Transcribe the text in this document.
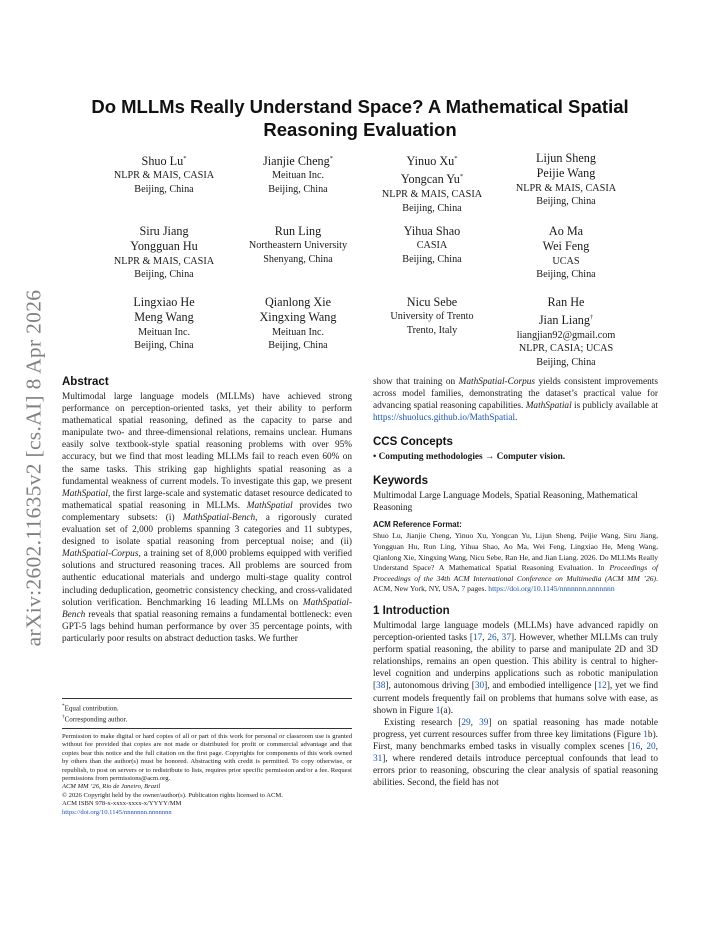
arXiv:2602.11635v2 [cs.AI] 8 Apr 2026
Do MLLMs Really Understand Space? A Mathematical Spatial
Reasoning Evaluation
Shuo Lu*
NLPR & MAIS, CASIA
Beijing, China
Jianjie Cheng*
Meituan Inc.
Beijing, China
Yinuo Xu*
Yongcan Yu*
NLPR & MAIS, CASIA
Beijing, China
Lijun Sheng
Peijie Wang
NLPR & MAIS, CASIA
Beijing, China
Siru Jiang
Yongguan Hu
NLPR & MAIS, CASIA
Beijing, China
Run Ling
Northeastern University
Shenyang, China
Yihua Shao
CASIA
Beijing, China
Ao Ma
Wei Feng
UCAS
Beijing, China
Lingxiao He
Meng Wang
Meituan Inc.
Beijing, China
Qianlong Xie
Xingxing Wang
Meituan Inc.
Beijing, China
Nicu Sebe
University of Trento
Trento, Italy
Ran He
Jian Liang†
liangjian92@gmail.com
NLPR, CASIA; UCAS
Beijing, China
Abstract

Multimodal large language models (MLLMs) have achieved strong performance on perception-oriented tasks, yet their ability to perform mathematical spatial reasoning, defined as the capacity to parse and manipulate two- and three-dimensional relations, remains unclear. Humans easily solve textbook-style spatial reasoning problems with over 95% accuracy, but we find that most leading MLLMs fail to reach even 60% on the same tasks. This striking gap highlights spatial reasoning as a fundamental weakness of current models. To investigate this gap, we present MathSpatial, the first large-scale and systematic dataset resource dedicated to mathematical spatial reasoning in MLLMs. MathSpatial provides two complementary subsets: (i) MathSpatial-Bench, a rigorously curated evaluation set of 2,000 problems spanning 3 categories and 11 subtypes, designed to isolate spatial reasoning from perceptual noise; and (ii) MathSpatial-Corpus, a training set of 8,000 problems equipped with verified solutions and structured reasoning traces. All problems are sourced from authentic educational materials and undergo multi-stage quality control including deduplication, geometric consistency checking, and cross-validated solution verification. Benchmarking 16 leading MLLMs on MathSpatial-Bench reveals that spatial reasoning remains a fundamental bottleneck: even GPT-5 lags behind human performance by over 35 percentage points, with particularly poor results on abstract deduction tasks. We further

*Equal contribution.

†Corresponding author.

Permission to make digital or hard copies of all or part of this work for personal or classroom use is granted without fee provided that copies are not made or distributed for profit or commercial advantage and that copies bear this notice and the full citation on the first page. Copyrights for components of this work owned by others than the author(s) must be honored. Abstracting with credit is permitted. To copy otherwise, or republish, to post on servers or to redistribute to lists, requires prior specific permission and/or a fee. Request permissions from permissions@acm.org.

ACM MM ’26, Rio de Janeiro, Brazil

© 2026 Copyright held by the owner/author(s). Publication rights licensed to ACM.

ACM ISBN 978-x-xxxx-xxxx-x/YYYY/MM

https://doi.org/10.1145/nnnnnnn.nnnnnnn

show that training on MathSpatial-Corpus yields consistent improvements across model families, demonstrating the dataset’s practical value for advancing spatial reasoning capabilities. MathSpatial is publicly available at https://shuolucs.github.io/MathSpatial.

CCS Concepts

• Computing methodologies → Computer vision.

Keywords

Multimodal Large Language Models, Spatial Reasoning, Mathematical Reasoning

ACM Reference Format:

Shuo Lu, Jianjie Cheng, Yinuo Xu, Yongcan Yu, Lijun Sheng, Peijie Wang, Siru Jiang, Yongguan Hu, Run Ling, Yihua Shao, Ao Ma, Wei Feng, Lingxiao He, Meng Wang, Qianlong Xie, Xingxing Wang, Nicu Sebe, Ran He, and Jian Liang. 2026. Do MLLMs Really Understand Space? A Mathematical Spatial Reasoning Evaluation. In Proceedings of Proceedings of the 34th ACM International Conference on Multimedia (ACM MM ’26). ACM, New York, NY, USA, 7 pages. https://doi.org/10.1145/nnnnnnn.nnnnnnn

1 Introduction

Multimodal large language models (MLLMs) have advanced rapidly on perception-oriented tasks [17, 26, 37]. However, whether MLLMs can truly perform spatial reasoning, the ability to parse and manipulate 2D and 3D relationships, remains an open question. This ability is central to higher-level cognition and underpins applications such as robotic manipulation [38], autonomous driving [30], and embodied intelligence [12], yet we find current models frequently fail on problems that humans solve with ease, as shown in Figure 1(a).

Existing research [29, 39] on spatial reasoning has made notable progress, yet current resources suffer from three key limitations (Figure 1b). First, many benchmarks embed tasks in visually complex scenes [16, 20, 31], where rendered details introduce perceptual confounds that lead to errors prior to reasoning, obscuring the clear analysis of spatial reasoning abilities. Second, the field has not
